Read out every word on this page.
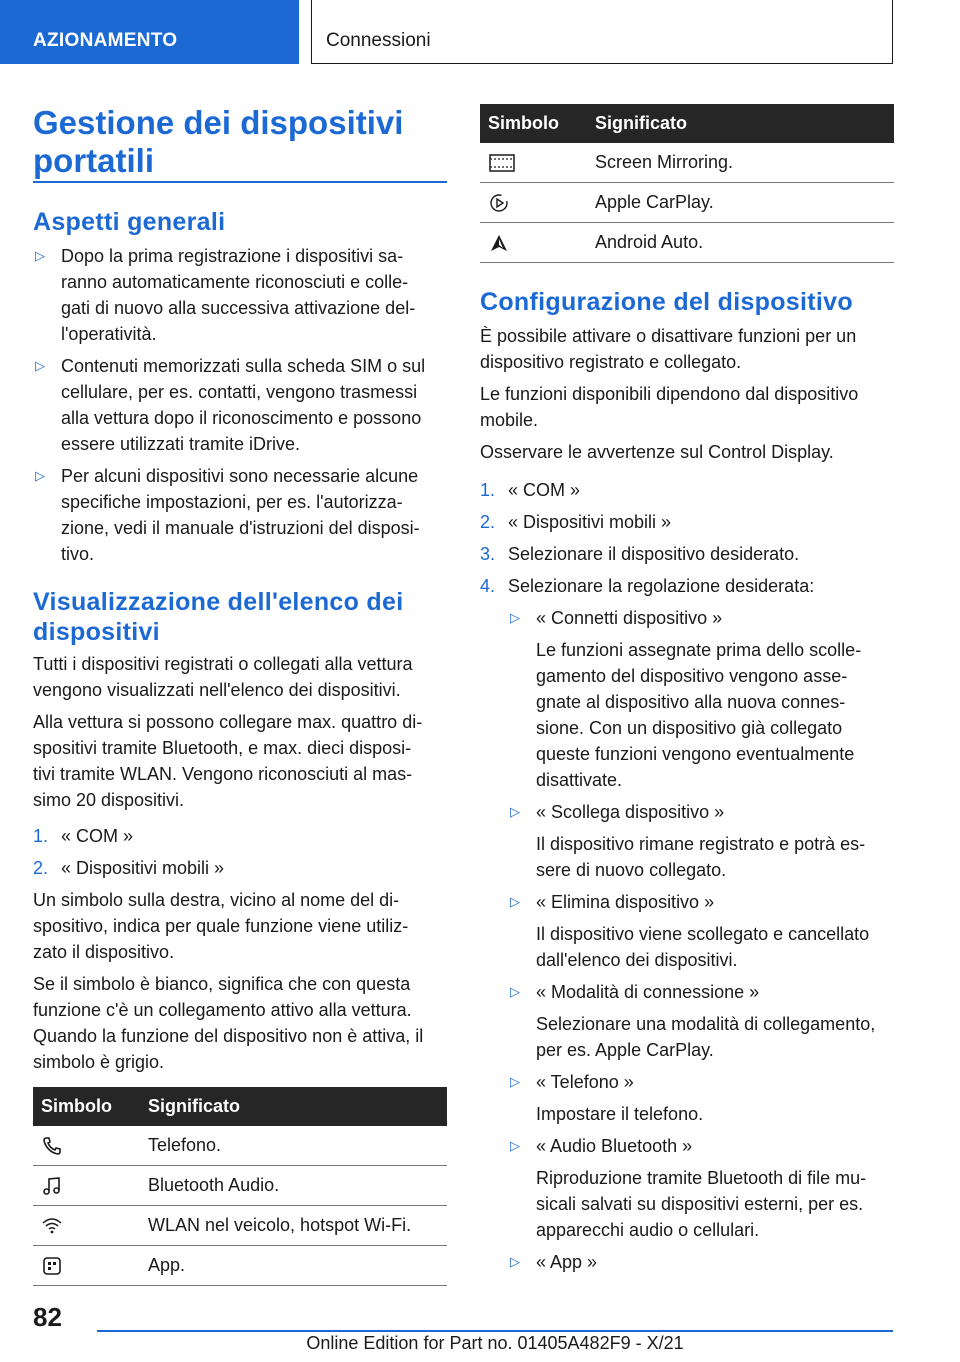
AZIONAMENTO	Connessioni
Gestione dei dispositivi portatili
Aspetti generali
▷ Dopo la prima registrazione i dispositivi sa-
ranno automaticamente riconosciuti e colle-
gati di nuovo alla successiva attivazione del-
l'operatività.
▷ Contenuti memorizzati sulla scheda SIM o sul
cellulare, per es. contatti, vengono trasmessi
alla vettura dopo il riconoscimento e possono
essere utilizzati tramite iDrive.
▷ Per alcuni dispositivi sono necessarie alcune
specifiche impostazioni, per es. l'autorizza-
zione, vedi il manuale d'istruzioni del disposi-
tivo.
Visualizzazione dell'elenco dei dispositivi

Tutti i dispositivi registrati o collegati alla vettura
vengono visualizzati nell'elenco dei dispositivi.

Alla vettura si possono collegare max. quattro di-
spositivi tramite Bluetooth, e max. dieci disposi-
tivi tramite WLAN. Vengono riconosciuti al mas-
simo 20 dispositivi.

1. « COM »
2. « Dispositivi mobili »

Un simbolo sulla destra, vicino al nome del di-
spositivo, indica per quale funzione viene utiliz-
zato il dispositivo.

Se il simbolo è bianco, significa che con questa
funzione c'è un collegamento attivo alla vettura.
Quando la funzione del dispositivo non è attiva, il
simbolo è grigio.

Simbolo	Significato

	Telefono.

	Bluetooth Audio.

	WLAN nel veicolo, hotspot Wi-Fi.

	App.
Simbolo	Significato

	Screen Mirroring.

	Apple CarPlay.

	Android Auto.
Configurazione del dispositivo

È possibile attivare o disattivare funzioni per un
dispositivo registrato e collegato.

Le funzioni disponibili dipendono dal dispositivo
mobile.

Osservare le avvertenze sul Control Display.

1. « COM »
2. « Dispositivi mobili »
3. Selezionare il dispositivo desiderato.
4. Selezionare la regolazione desiderata:
▷ « Connetti dispositivo »
Le funzioni assegnate prima dello scolle-
gamento del dispositivo vengono asse-
gnate al dispositivo alla nuova connes-
sione. Con un dispositivo già collegato
queste funzioni vengono eventualmente
disattivate.
▷ « Scollega dispositivo »
Il dispositivo rimane registrato e potrà es-
sere di nuovo collegato.
▷ « Elimina dispositivo »
Il dispositivo viene scollegato e cancellato
dall'elenco dei dispositivi.
▷ « Modalità di connessione »
Selezionare una modalità di collegamento,
per es. Apple CarPlay.
▷ « Telefono »
Impostare il telefono.
▷ « Audio Bluetooth »
Riproduzione tramite Bluetooth di file mu-
sicali salvati su dispositivi esterni, per es.
apparecchi audio o cellulari.
▷ « App »
82
Online Edition for Part no. 01405A482F9 - X/21
